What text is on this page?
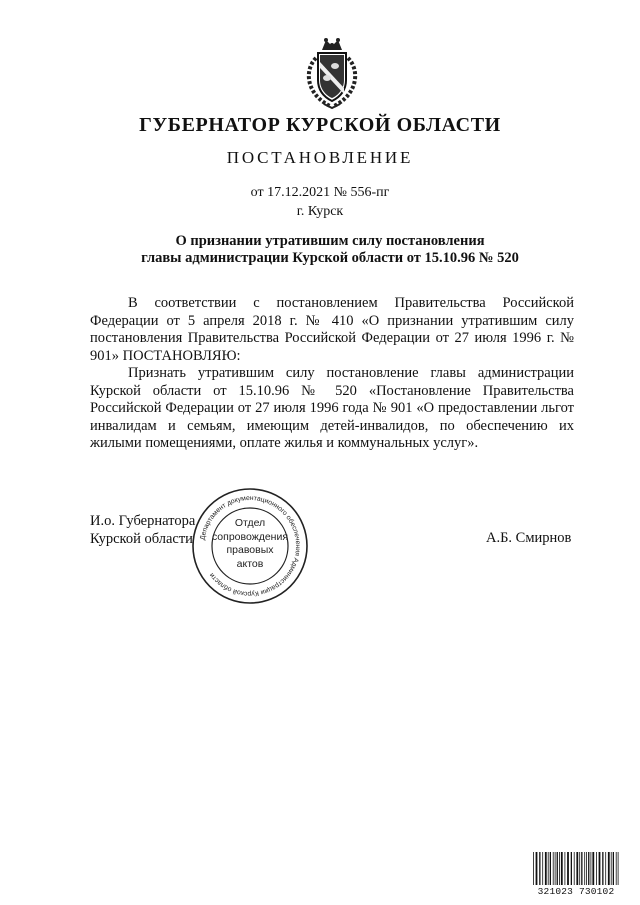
ГУБЕРНАТОР КУРСКОЙ ОБЛАСТИ
ПОСТАНОВЛЕНИЕ
от 17.12.2021 № 556-пг
г. Курск
О признании утратившим силу постановления
главы администрации Курской области от 15.10.96 № 520

В соответствии с постановлением Правительства Российской Федерации от 5 апреля 2018 г. № 410 «О признании утратившим силу постановления Правительства Российской Федерации от 27 июля 1996 г. № 901» ПОСТАНОВЛЯЮ:

Признать утратившим силу постановление главы администрации Курской области от 15.10.96 № 520 «Постановление Правительства Российской Федерации от 27 июля 1996 года № 901 «О предоставлении льгот инвалидам и семьям, имеющим детей-инвалидов, по обеспечению их жилыми помещениями, оплате жилья и коммунальных услуг».

И.о. Губернатора
Курской области	А.Б. Смирнов
Департамент документационного обеспечения Администрации Курской области
Отдел
сопровождения
правовых
актов
321023 730102
